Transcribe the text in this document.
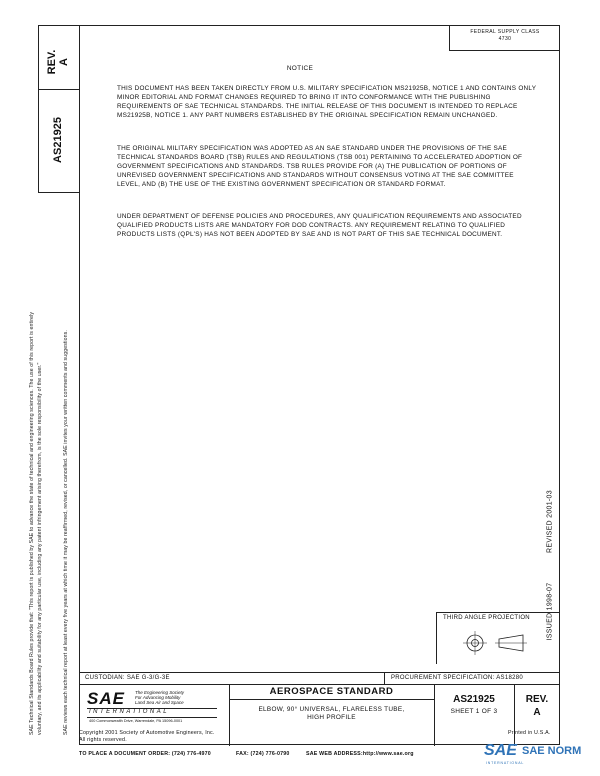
REV. A
AS21925
FEDERAL SUPPLY CLASS
4730
NOTICE

THIS DOCUMENT HAS BEEN TAKEN DIRECTLY FROM U.S. MILITARY SPECIFICATION MS21925B, NOTICE 1 AND CONTAINS ONLY MINOR EDITORIAL AND FORMAT CHANGES REQUIRED TO BRING IT INTO CONFORMANCE WITH THE PUBLISHING REQUIREMENTS OF SAE TECHNICAL STANDARDS. THE INITIAL RELEASE OF THIS DOCUMENT IS INTENDED TO REPLACE MS21925B, NOTICE 1. ANY PART NUMBERS ESTABLISHED BY THE ORIGINAL SPECIFICATION REMAIN UNCHANGED.

THE ORIGINAL MILITARY SPECIFICATION WAS ADOPTED AS AN SAE STANDARD UNDER THE PROVISIONS OF THE SAE TECHNICAL STANDARDS BOARD (TSB) RULES AND REGULATIONS (TSB 001) PERTAINING TO ACCELERATED ADOPTION OF GOVERNMENT SPECIFICATIONS AND STANDARDS. TSB RULES PROVIDE FOR (A) THE PUBLICATION OF PORTIONS OF UNREVISED GOVERNMENT SPECIFICATIONS AND STANDARDS WITHOUT CONSENSUS VOTING AT THE SAE COMMITTEE LEVEL, AND (B) THE USE OF THE EXISTING GOVERNMENT SPECIFICATION OR STANDARD FORMAT.

UNDER DEPARTMENT OF DEFENSE POLICIES AND PROCEDURES, ANY QUALIFICATION REQUIREMENTS AND ASSOCIATED QUALIFIED PRODUCTS LISTS ARE MANDATORY FOR DOD CONTRACTS. ANY REQUIREMENT RELATING TO QUALIFIED PRODUCTS LISTS (QPL'S) HAS NOT BEEN ADOPTED BY SAE AND IS NOT PART OF THIS SAE TECHNICAL DOCUMENT.

SAE Technical Standards Board Rules provide that: "This report is published by SAE to advance the state of technical and engineering sciences. The use of this report is entirely voluntary, and its applicability and suitability for any particular use, including any patent infringement arising therefrom, is the sole responsibility of the user."	SAE reviews each technical report at least every five years at which time it may be reaffirmed, revised, or cancelled. SAE invites your written comments and suggestions.	REVISED 2001-03
ISSUED 1998-07
THIRD ANGLE PROJECTION
CUSTODIAN: SAE G-3/G-3E	PROCUREMENT SPECIFICATION: AS18280
SAE The Engineering Society
For Advancing Mobility
Land Sea Air and Space
INTERNATIONAL
400 Commonwealth Drive, Warrendale, PA 15096-0001
AEROSPACE STANDARD
ELBOW, 90° UNIVERSAL, FLARELESS TUBE,
HIGH PROFILE
AS21925
SHEET 1 OF 3
REV.
A
Copyright 2001 Society of Automotive Engineers, Inc.
All rights reserved.
Printed in U.S.A.
TO PLACE A DOCUMENT ORDER: (724) 776-4970	FAX: (724) 776-0790	SAE WEB ADDRESS:http://www.sae.org	SAE SAE NORM
INTERNATIONAL
